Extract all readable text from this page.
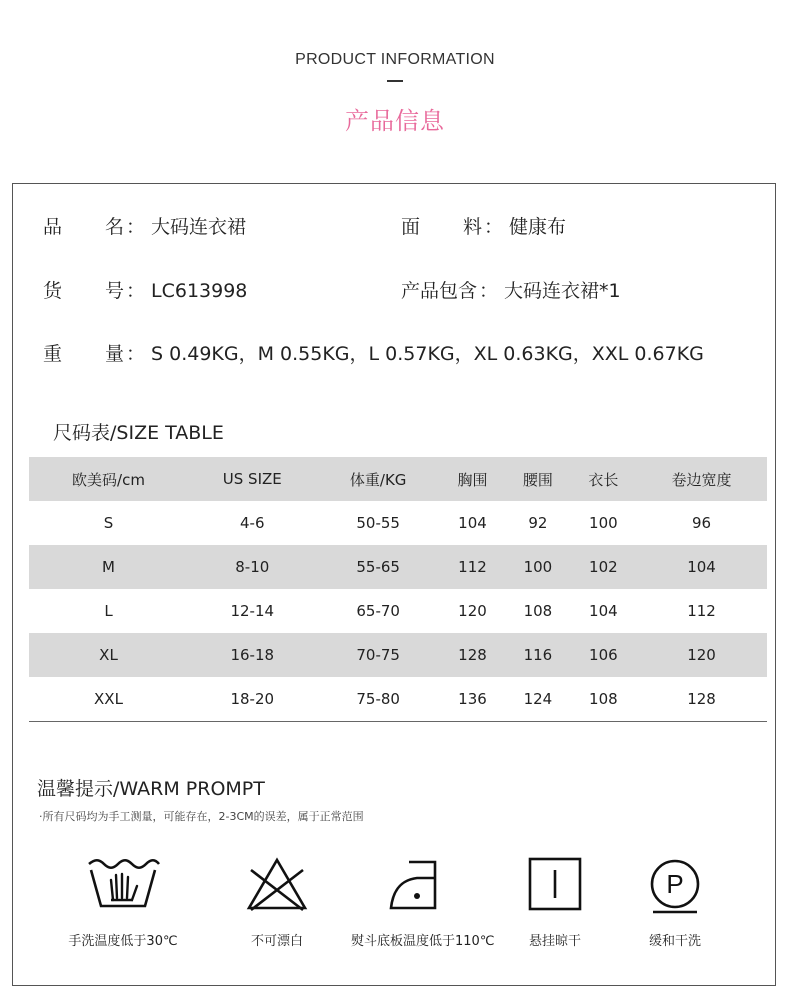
PRODUCT INFORMATION
产品信息
品名 ： 大码连衣裙	面料 ： 健康布
货号 ： LC613998	产品包含 ： 大码连衣裙*1
重量 ： S 0.49KG，M 0.55KG，L 0.57KG，XL 0.63KG，XXL 0.67KG
尺码表/SIZE TABLE
欧美码/cm	US SIZE	体重/KG	胸围	腰围	衣长	卷边宽度
S	4-6	50-55	104	92	100	96
M	8-10	55-65	112	100	102	104
L	12-14	65-70	120	108	104	112
XL	16-18	70-75	128	116	106	120
XXL	18-20	75-80	136	124	108	128
温馨提示/WARM PROMPT
·所有尺码均为手工测量，可能存在，2-3CM的误差，属于正常范围
手洗温度低于30℃	不可漂白	熨斗底板温度低于110℃	悬挂晾干
P
缓和干洗
